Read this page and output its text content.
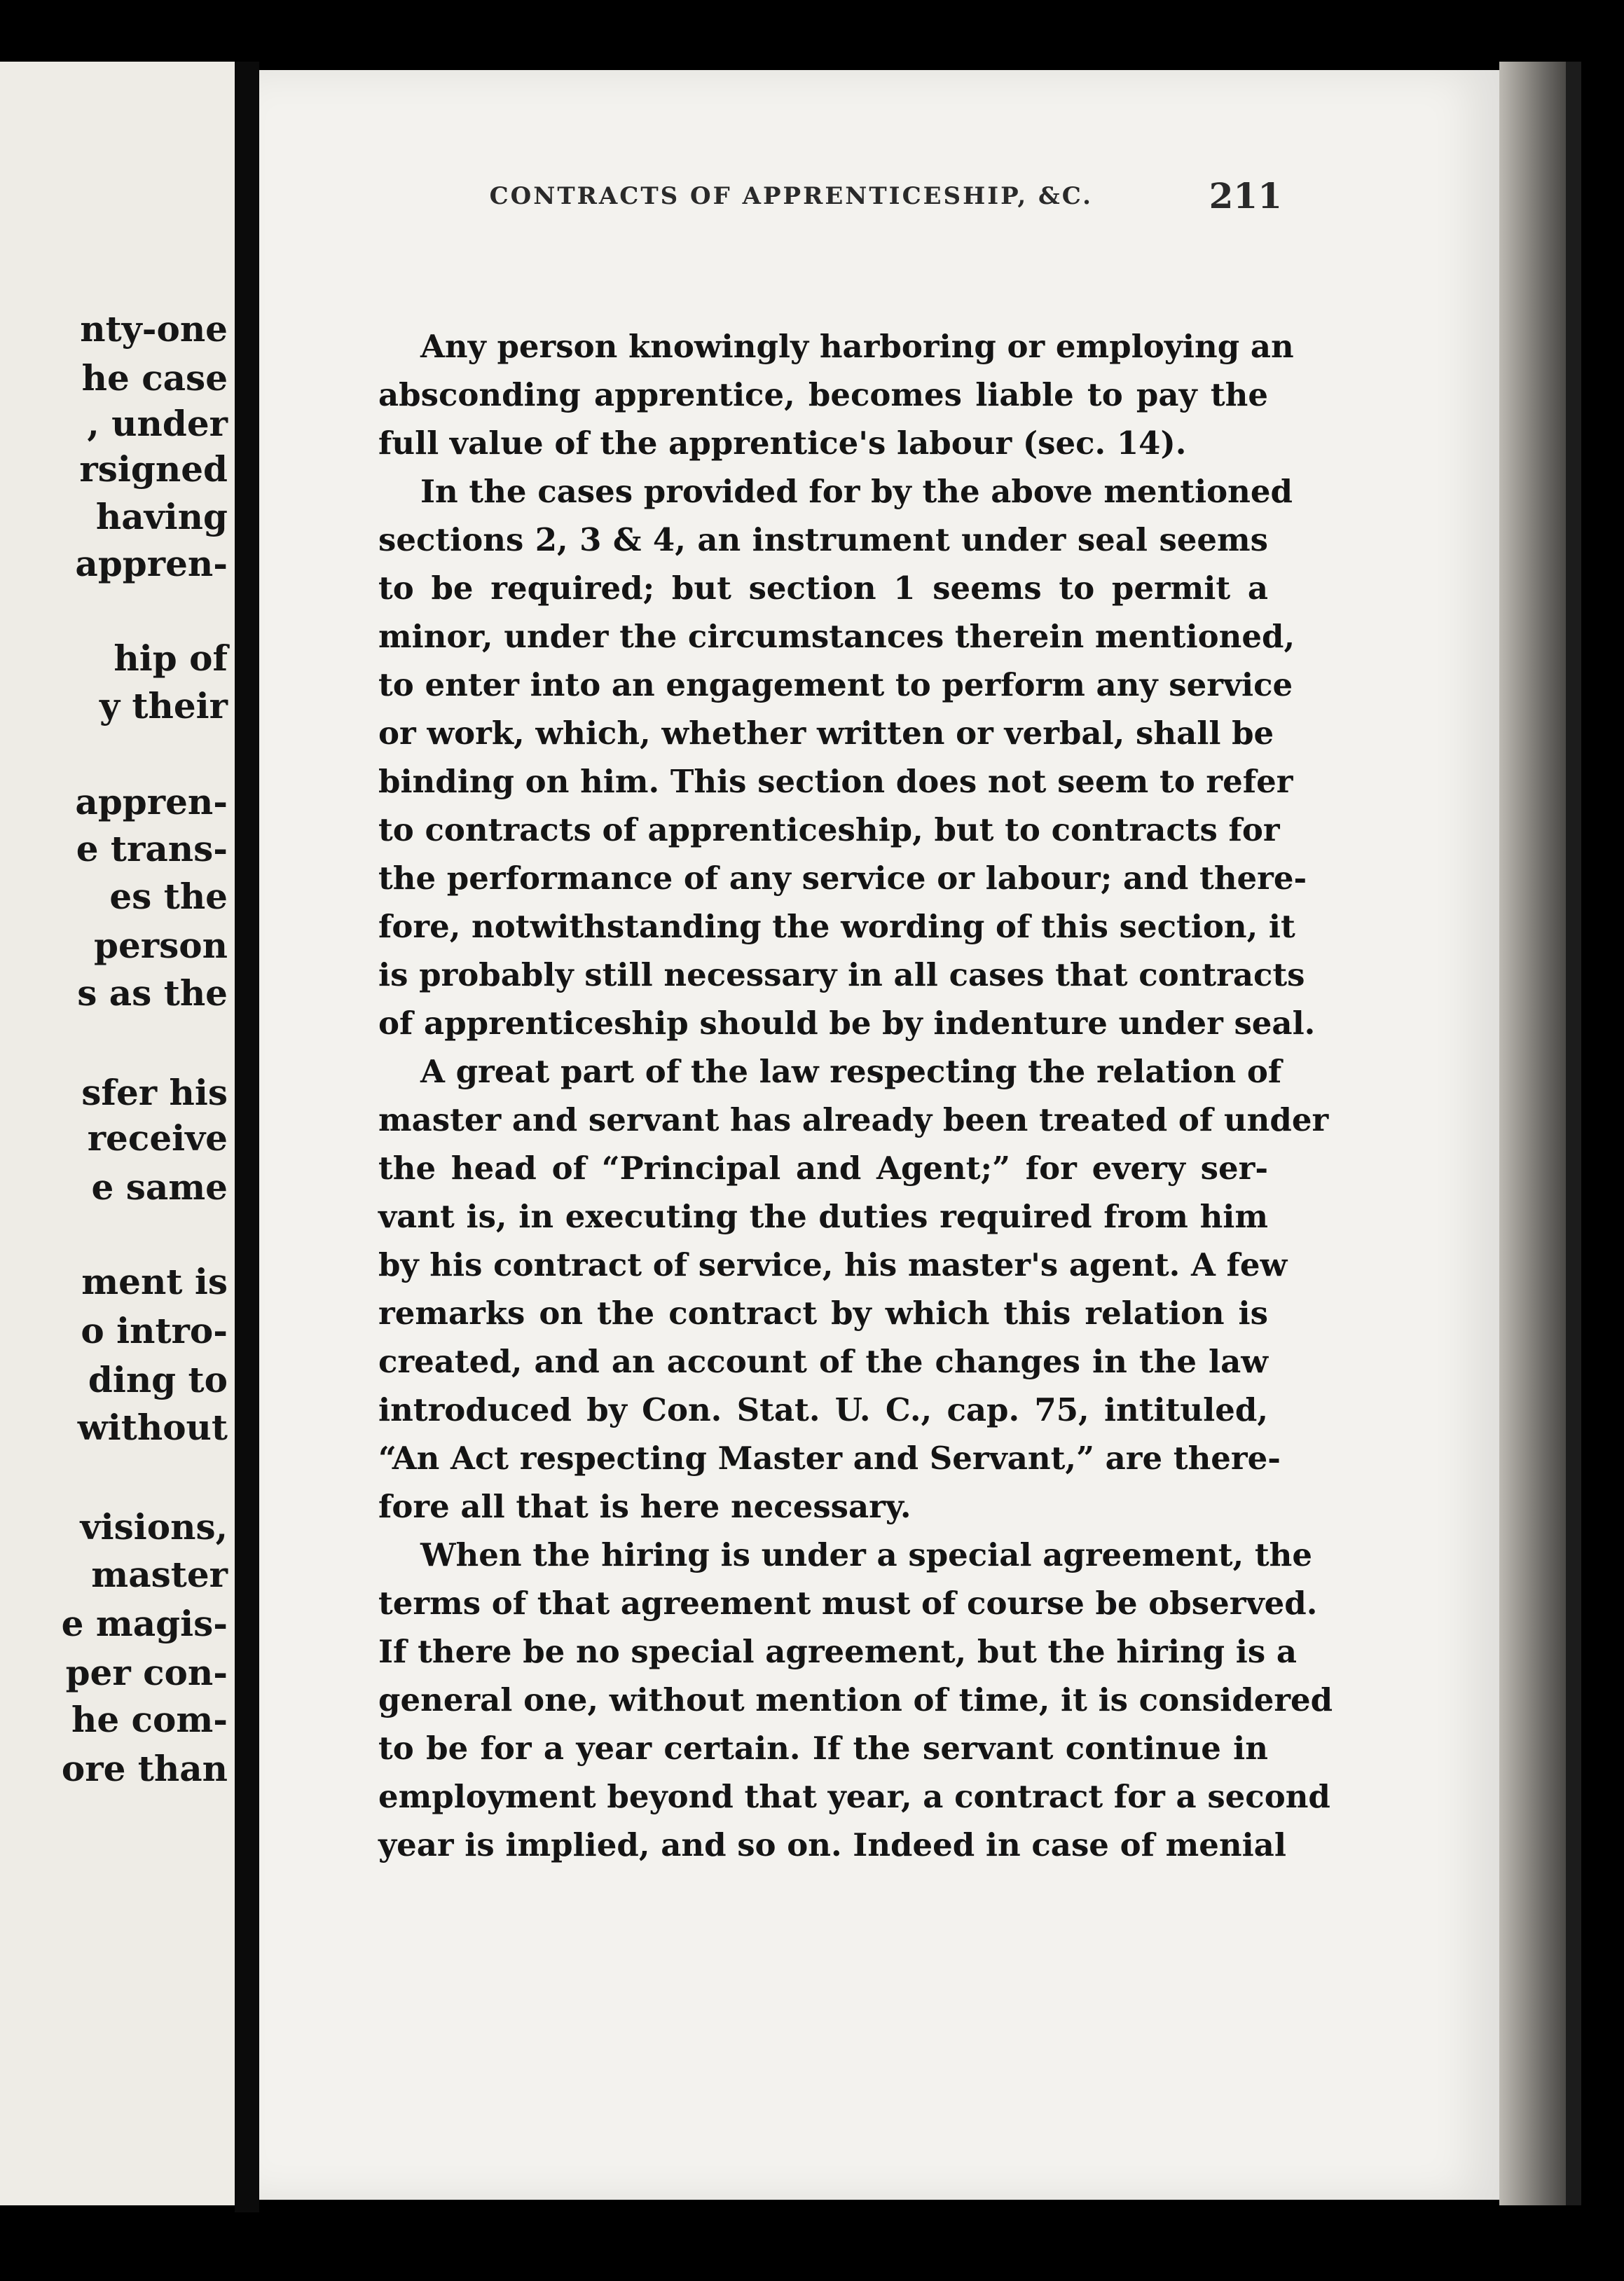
nty-one
he case
, under
rsigned
having
appren-
hip of
y their
appren-
e trans-
es the
person
s as the
sfer his
receive
e same
ment is
o intro-
ding to
without
visions,
master
e magis-
per con-
he com-
ore than
CONTRACTS OF APPRENTICESHIP, &C.	211
Any person knowingly harboring or employing an
absconding apprentice, becomes liable to pay the
full value of the apprentice's labour (sec. 14).
In the cases provided for by the above mentioned
sections 2, 3 & 4, an instrument under seal seems
to be required; but section 1 seems to permit a
minor, under the circumstances therein mentioned,
to enter into an engagement to perform any service
or work, which, whether written or verbal, shall be
binding on him. This section does not seem to refer
to contracts of apprenticeship, but to contracts for
the performance of any service or labour; and there-
fore, notwithstanding the wording of this section, it
is probably still necessary in all cases that contracts
of apprenticeship should be by indenture under seal.
A great part of the law respecting the relation of
master and servant has already been treated of under
the head of “Principal and Agent;” for every ser-
vant is, in executing the duties required from him
by his contract of service, his master's agent. A few
remarks on the contract by which this relation is
created, and an account of the changes in the law
introduced by Con. Stat. U. C., cap. 75, intituled,
“An Act respecting Master and Servant,” are there-
fore all that is here necessary.
When the hiring is under a special agreement, the
terms of that agreement must of course be observed.
If there be no special agreement, but the hiring is a
general one, without mention of time, it is considered
to be for a year certain. If the servant continue in
employment beyond that year, a contract for a second
year is implied, and so on. Indeed in case of menial
